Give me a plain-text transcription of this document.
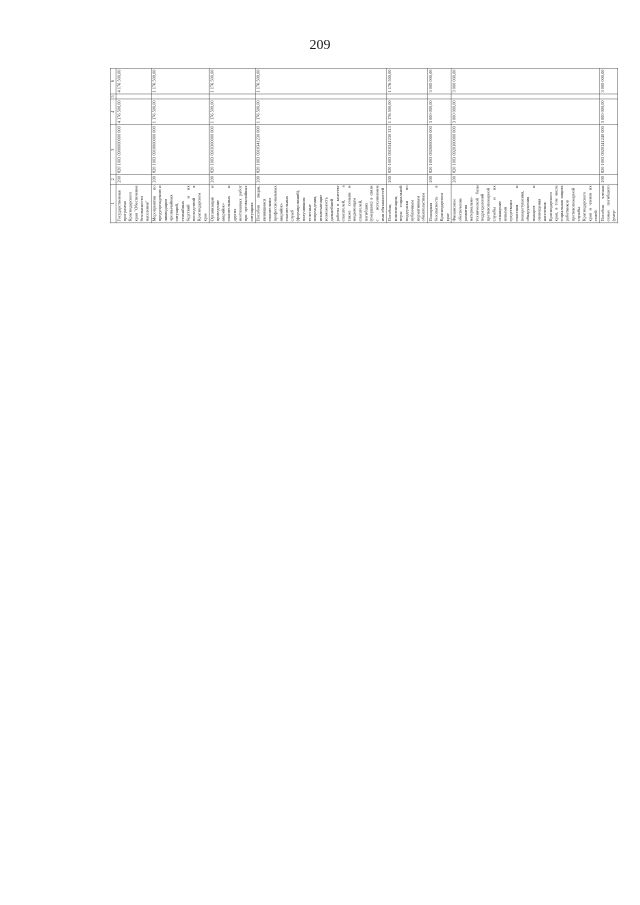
209
1	2	3	4	5	6
Государственная программа Краснодарского края "Обеспечение безопасности населения"	200	820 1003 0900000000 000	4 176 500,00		4 176 500,00
Мероприятия по предупреждению и ликвидации чрезвычайных ситуаций, стихийных бедствий и их последствий в Краснодарском крае	200	820 1003 0910000000 000	1 176 500,00		1 176 500,00
Организация и проведение аварийно-спасательных и других неотложных работ при чрезвычайных ситуациях	200	820 1003 0910300000 000	1 176 500,00		1 176 500,00
Пособия лицам, являвшимся спасателями профессиональных аварийно-спасательных служб (формирований), получившим телесные повреждения, исключающие возможность дальнейшей работы в качестве спасателей, а также семьям и иждивенцам спасателей, погибших (умерших) в связи с исполнением ими обязанностей	200	820 1003 0910341230 000	1 176 500,00		1 176 500,00
Пособия, компенсации, меры социальной поддержки по публичным нормативным обязательствам	200	820 1003 0910341230 313	1 176 500,00		1 176 500,00
Пожарная безопасность в Краснодарском крае	200	820 1003 0920000000 000	3 000 000,00		3 000 000,00
Финансовое обеспечение развития материально-технической базы подразделений противопожарной службы и их оснащение новыми средствами спасения и пожаротушения, обнаружения пожаров и оповещения населения Краснодарского края, в том числе социальная защита работников противопожарной службы Краснодарского края и членов их семей	200	820 1003 0920100000 000	3 000 000,00		3 000 000,00
Пособия членам семьи погибшего (умер-	200	820 1003 0920141240 000	3 000 000,00		3 000 000,00
